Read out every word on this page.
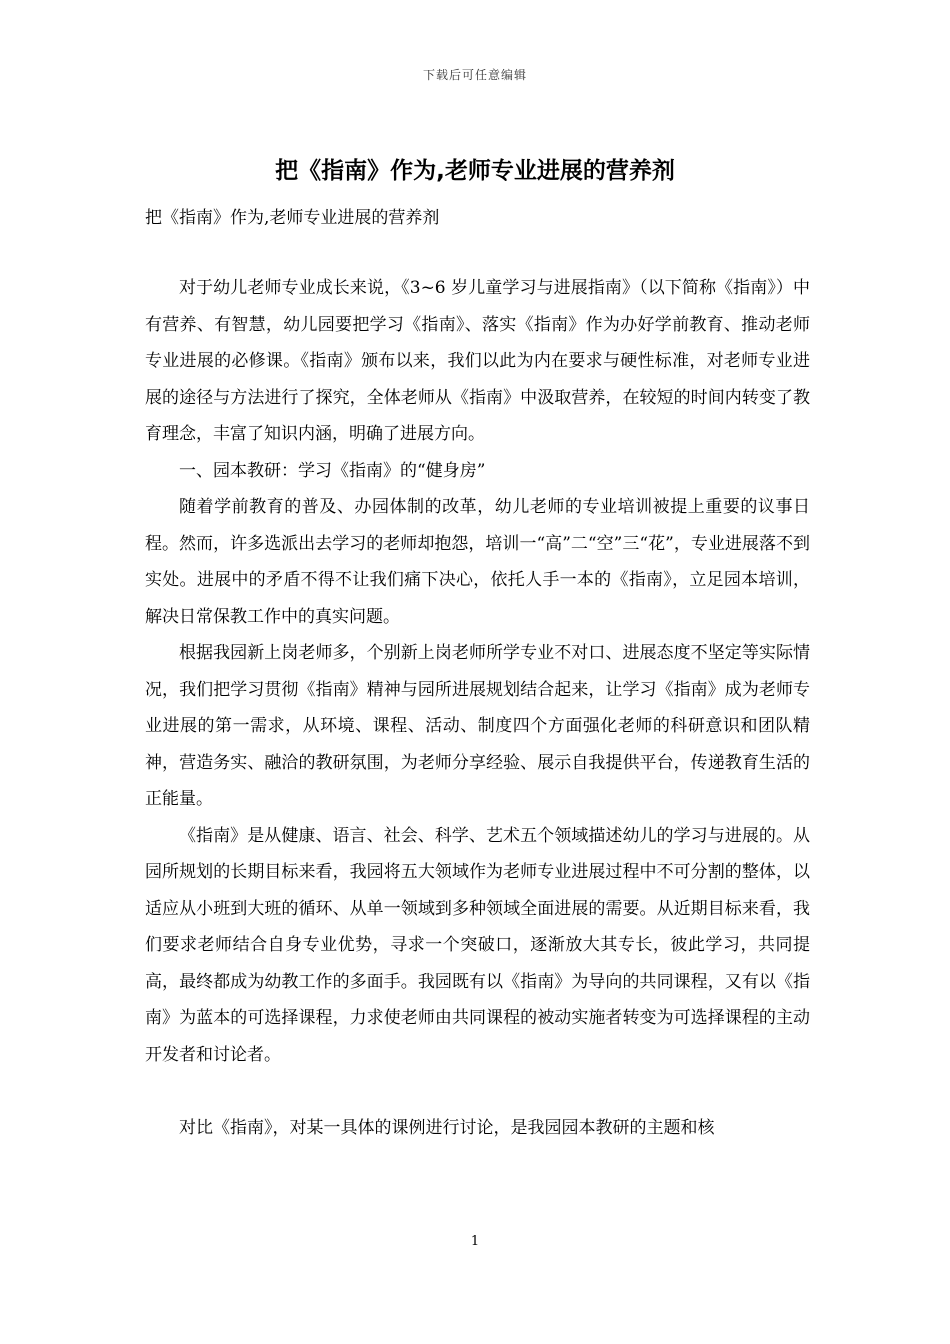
下载后可任意编辑
把《指南》作为,老师专业进展的营养剂
把《指南》作为,老师专业进展的营养剂

对于幼儿老师专业成长来说，《3~6 岁儿童学习与进展指南》（以下简称《指南》）中有营养、有智慧，幼儿园要把学习《指南》、落实《指南》作为办好学前教育、推动老师专业进展的必修课。《指南》颁布以来，我们以此为内在要求与硬性标准，对老师专业进展的途径与方法进行了探究，全体老师从《指南》中汲取营养，在较短的时间内转变了教育理念，丰富了知识内涵，明确了进展方向。

一、园本教研：学习《指南》的“健身房”

随着学前教育的普及、办园体制的改革，幼儿老师的专业培训被提上重要的议事日程。然而，许多选派出去学习的老师却抱怨，培训一“高”二“空”三“花”，专业进展落不到实处。进展中的矛盾不得不让我们痛下决心，依托人手一本的《指南》，立足园本培训，解决日常保教工作中的真实问题。

根据我园新上岗老师多，个别新上岗老师所学专业不对口、进展态度不坚定等实际情况，我们把学习贯彻《指南》精神与园所进展规划结合起来，让学习《指南》成为老师专业进展的第一需求，从环境、课程、活动、制度四个方面强化老师的科研意识和团队精神，营造务实、融洽的教研氛围，为老师分享经验、展示自我提供平台，传递教育生活的正能量。

《指南》是从健康、语言、社会、科学、艺术五个领域描述幼儿的学习与进展的。从园所规划的长期目标来看，我园将五大领域作为老师专业进展过程中不可分割的整体，以适应从小班到大班的循环、从单一领域到多种领域全面进展的需要。从近期目标来看，我们要求老师结合自身专业优势，寻求一个突破口，逐渐放大其专长，彼此学习，共同提高，最终都成为幼教工作的多面手。我园既有以《指南》为导向的共同课程，又有以《指南》为蓝本的可选择课程，力求使老师由共同课程的被动实施者转变为可选择课程的主动开发者和讨论者。

对比《指南》，对某一具体的课例进行讨论，是我园园本教研的主题和核

1
